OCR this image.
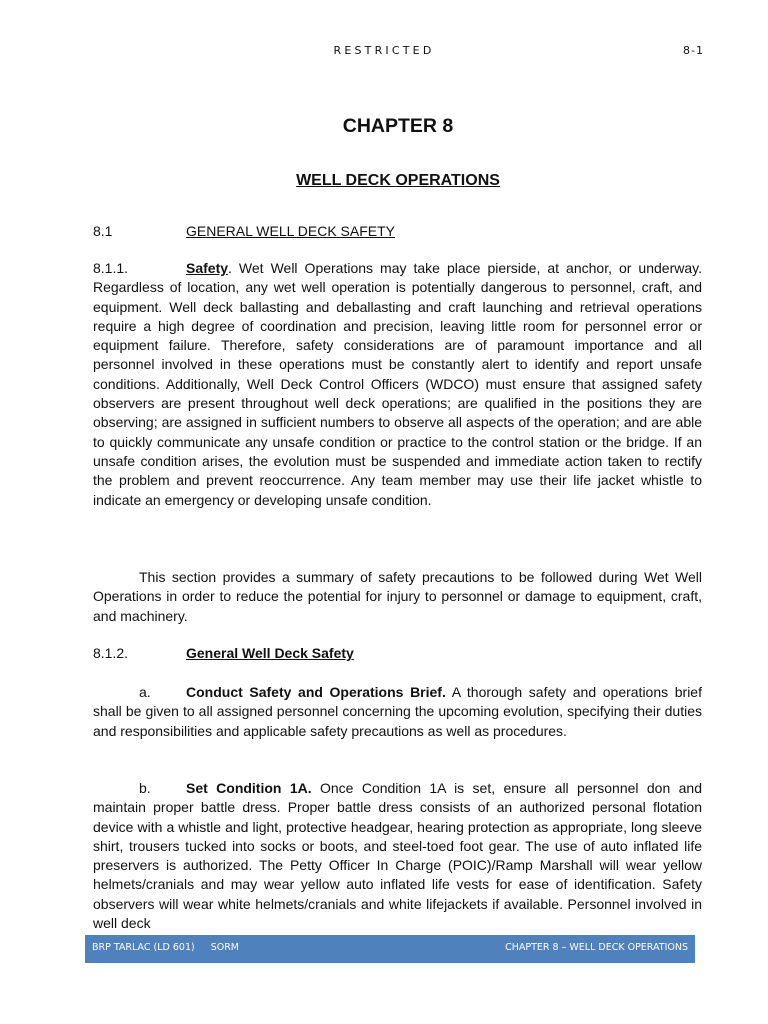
RESTRICTED	8-1
CHAPTER 8
WELL DECK OPERATIONS
8.1	GENERAL WELL DECK SAFETY

8.1.1.	Safety. Wet Well Operations may take place pierside, at anchor, or underway. Regardless of location, any wet well operation is potentially dangerous to personnel, craft, and equipment. Well deck ballasting and deballasting and craft launching and retrieval operations require a high degree of coordination and precision, leaving little room for personnel error or equipment failure. Therefore, safety considerations are of paramount importance and all personnel involved in these operations must be constantly alert to identify and report unsafe conditions. Additionally, Well Deck Control Officers (WDCO) must ensure that assigned safety observers are present throughout well deck operations; are qualified in the positions they are observing; are assigned in sufficient numbers to observe all aspects of the operation; and are able to quickly communicate any unsafe condition or practice to the control station or the bridge. If an unsafe condition arises, the evolution must be suspended and immediate action taken to rectify the problem and prevent reoccurrence. Any team member may use their life jacket whistle to indicate an emergency or developing unsafe condition.

This section provides a summary of safety precautions to be followed during Wet Well Operations in order to reduce the potential for injury to personnel or damage to equipment, craft, and machinery.

8.1.2.	General Well Deck Safety

a.	Conduct Safety and Operations Brief. A thorough safety and operations brief shall be given to all assigned personnel concerning the upcoming evolution, specifying their duties and responsibilities and applicable safety precautions as well as procedures.

b.	Set Condition 1A. Once Condition 1A is set, ensure all personnel don and maintain proper battle dress. Proper battle dress consists of an authorized personal flotation device with a whistle and light, protective headgear, hearing protection as appropriate, long sleeve shirt, trousers tucked into socks or boots, and steel-toed foot gear. The use of auto inflated life preservers is authorized. The Petty Officer In Charge (POIC)/Ramp Marshall will wear yellow helmets/cranials and may wear yellow auto inflated life vests for ease of identification. Safety observers will wear white helmets/cranials and white lifejackets if available. Personnel involved in well deck

BRP TARLAC (LD 601) SORM	CHAPTER 8 – WELL DECK OPERATIONS
